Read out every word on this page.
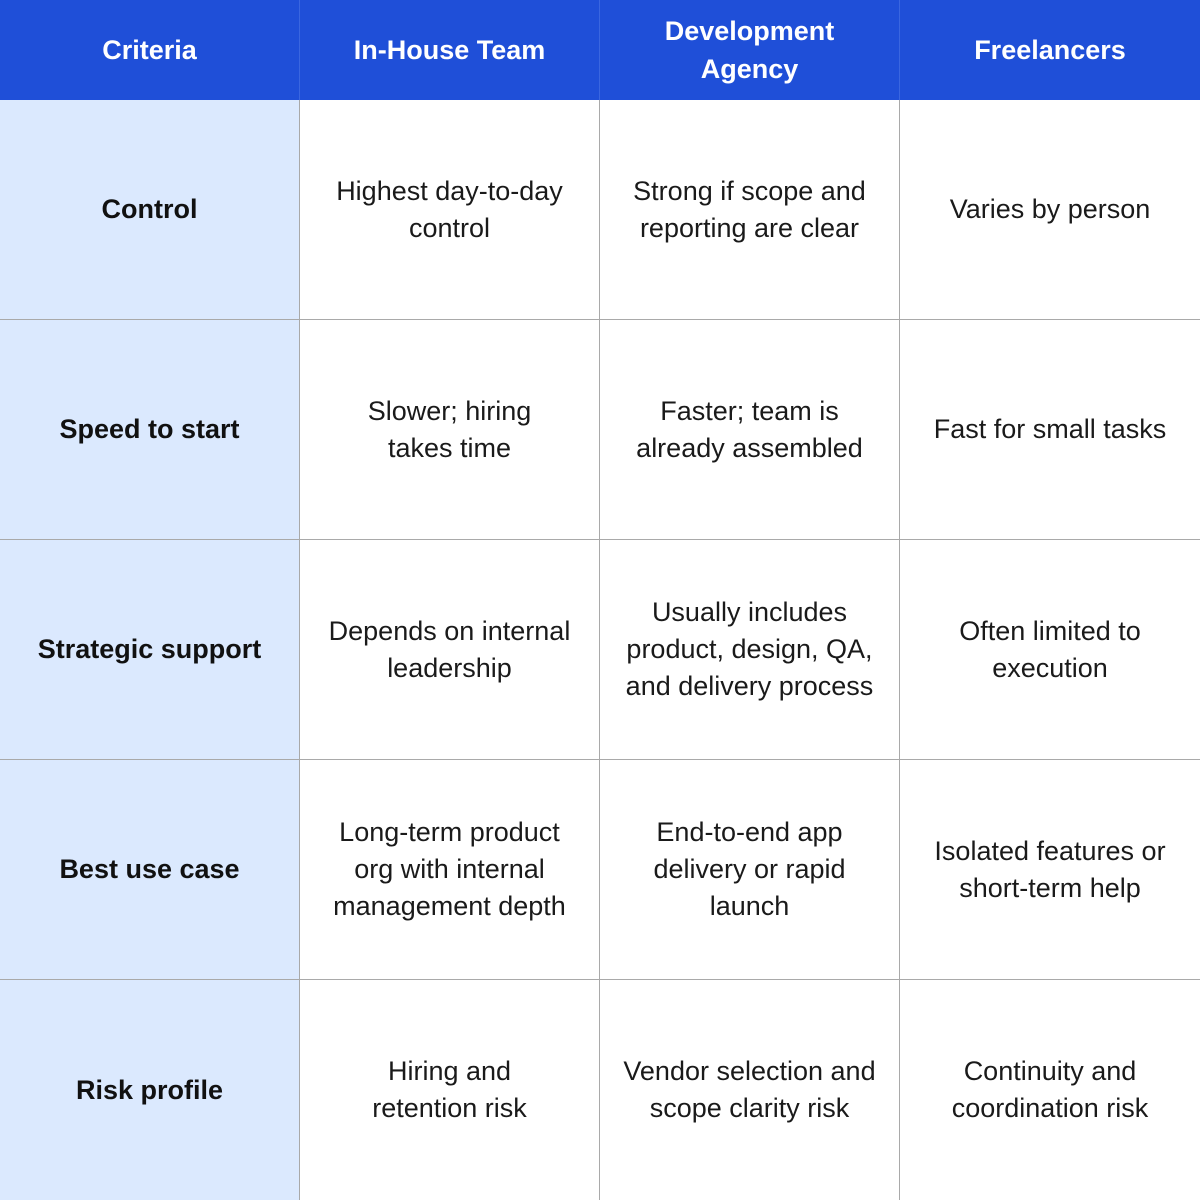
Criteria	In-House Team
Development
Agency
Freelancers
Control
Highest day-to-day
control
Strong if scope and
reporting are clear
Varies by person
Speed to start
Slower; hiring
takes time
Faster; team is
already assembled
Fast for small tasks
Strategic support
Depends on internal
leadership
Usually includes
product, design, QA,
and delivery process
Often limited to
execution
Best use case
Long-term product
org with internal
management depth
End-to-end app
delivery or rapid
launch
Isolated features or
short-term help
Risk profile
Hiring and
retention risk
Vendor selection and
scope clarity risk
Continuity and
coordination risk
